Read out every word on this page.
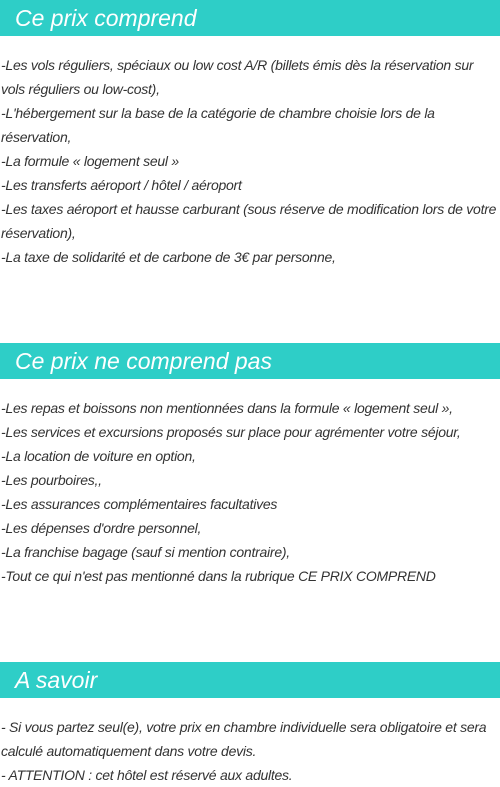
Ce prix comprend
-Les vols réguliers, spéciaux ou low cost A/R (billets émis dès la réservation sur vols réguliers ou low-cost),
-L'hébergement sur la base de la catégorie de chambre choisie lors de la réservation,
-La formule « logement seul »
-Les transferts aéroport / hôtel / aéroport
-Les taxes aéroport et hausse carburant (sous réserve de modification lors de votre réservation),
-La taxe de solidarité et de carbone de 3€ par personne,
Ce prix ne comprend pas
-Les repas et boissons non mentionnées dans la formule « logement seul »,
-Les services et excursions proposés sur place pour agrémenter votre séjour,
-La location de voiture en option,
-Les pourboires,,
-Les assurances complémentaires facultatives
-Les dépenses d'ordre personnel,
-La franchise bagage (sauf si mention contraire),
-Tout ce qui n'est pas mentionné dans la rubrique CE PRIX COMPREND
A savoir
- Si vous partez seul(e), votre prix en chambre individuelle sera obligatoire et sera calculé automatiquement dans votre devis.
- ATTENTION : cet hôtel est réservé aux adultes.
